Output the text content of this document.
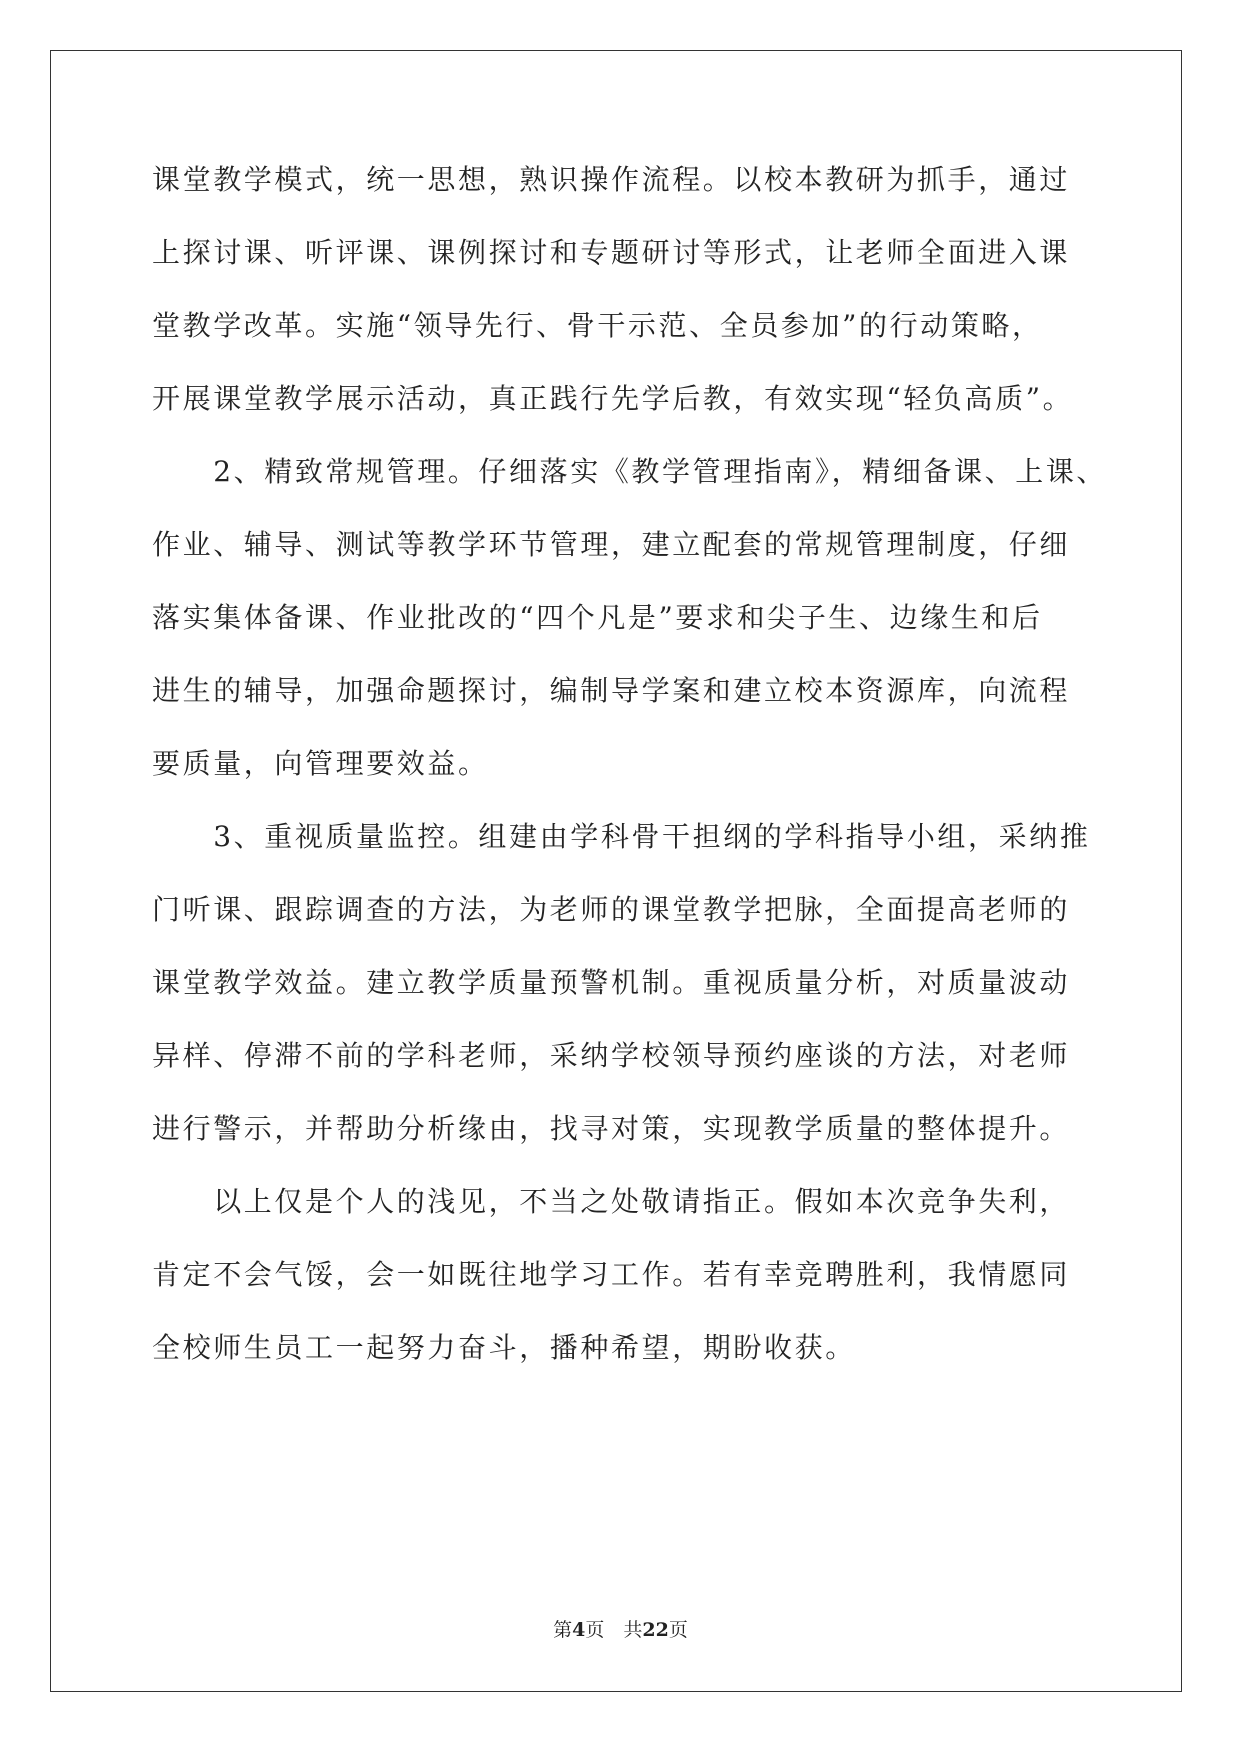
课堂教学模式，统一思想，熟识操作流程。以校本教研为抓手，通过
上探讨课、听评课、课例探讨和专题研讨等形式，让老师全面进入课
堂教学改革。实施“领导先行、骨干示范、全员参加”的行动策略，
开展课堂教学展示活动，真正践行先学后教，有效实现“轻负高质”。
　　2、精致常规管理。仔细落实《教学管理指南》，精细备课、上课、
作业、辅导、测试等教学环节管理，建立配套的常规管理制度，仔细
落实集体备课、作业批改的“四个凡是”要求和尖子生、边缘生和后
进生的辅导，加强命题探讨，编制导学案和建立校本资源库，向流程
要质量，向管理要效益。
　　3、重视质量监控。组建由学科骨干担纲的学科指导小组，采纳推
门听课、跟踪调查的方法，为老师的课堂教学把脉，全面提高老师的
课堂教学效益。建立教学质量预警机制。重视质量分析，对质量波动
异样、停滞不前的学科老师，采纳学校领导预约座谈的方法，对老师
进行警示，并帮助分析缘由，找寻对策，实现教学质量的整体提升。
　　以上仅是个人的浅见，不当之处敬请指正。假如本次竞争失利，
肯定不会气馁，会一如既往地学习工作。若有幸竞聘胜利，我情愿同
全校师生员工一起努力奋斗，播种希望，期盼收获。
第4页　 共22页
